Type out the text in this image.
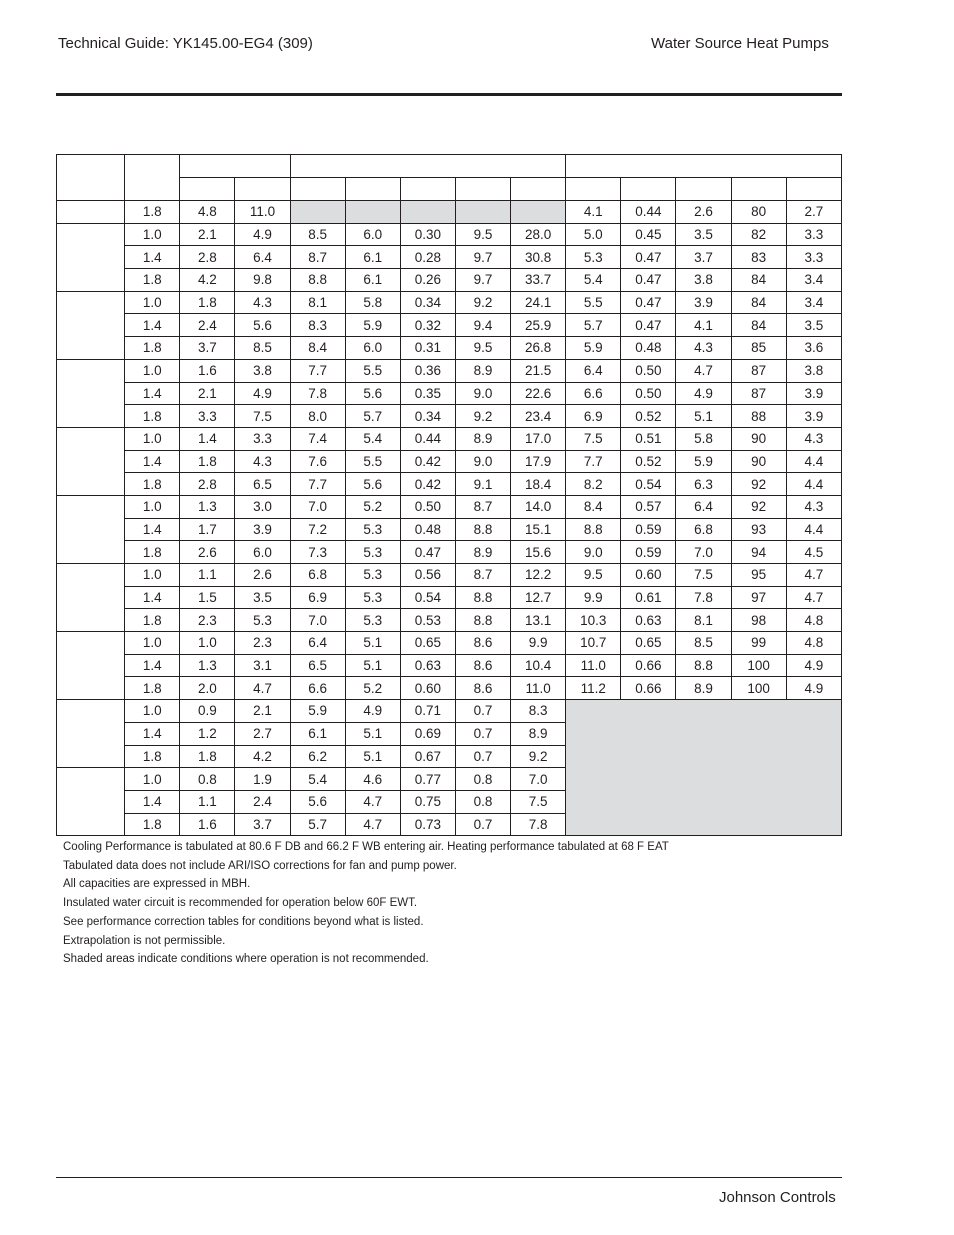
Technical Guide: YK145.00-EG4 (309)	Water Source Heat Pumps

	1.8	4.8	11.0						4.1	0.44	2.6	80	2.7
	1.0	2.1	4.9	8.5	6.0	0.30	9.5	28.0	5.0	0.45	3.5	82	3.3
	1.4	2.8	6.4	8.7	6.1	0.28	9.7	30.8	5.3	0.47	3.7	83	3.3
	1.8	4.2	9.8	8.8	6.1	0.26	9.7	33.7	5.4	0.47	3.8	84	3.4
	1.0	1.8	4.3	8.1	5.8	0.34	9.2	24.1	5.5	0.47	3.9	84	3.4
	1.4	2.4	5.6	8.3	5.9	0.32	9.4	25.9	5.7	0.47	4.1	84	3.5
	1.8	3.7	8.5	8.4	6.0	0.31	9.5	26.8	5.9	0.48	4.3	85	3.6
	1.0	1.6	3.8	7.7	5.5	0.36	8.9	21.5	6.4	0.50	4.7	87	3.8
	1.4	2.1	4.9	7.8	5.6	0.35	9.0	22.6	6.6	0.50	4.9	87	3.9
	1.8	3.3	7.5	8.0	5.7	0.34	9.2	23.4	6.9	0.52	5.1	88	3.9
	1.0	1.4	3.3	7.4	5.4	0.44	8.9	17.0	7.5	0.51	5.8	90	4.3
	1.4	1.8	4.3	7.6	5.5	0.42	9.0	17.9	7.7	0.52	5.9	90	4.4
	1.8	2.8	6.5	7.7	5.6	0.42	9.1	18.4	8.2	0.54	6.3	92	4.4
	1.0	1.3	3.0	7.0	5.2	0.50	8.7	14.0	8.4	0.57	6.4	92	4.3
	1.4	1.7	3.9	7.2	5.3	0.48	8.8	15.1	8.8	0.59	6.8	93	4.4
	1.8	2.6	6.0	7.3	5.3	0.47	8.9	15.6	9.0	0.59	7.0	94	4.5
	1.0	1.1	2.6	6.8	5.3	0.56	8.7	12.2	9.5	0.60	7.5	95	4.7
	1.4	1.5	3.5	6.9	5.3	0.54	8.8	12.7	9.9	0.61	7.8	97	4.7
	1.8	2.3	5.3	7.0	5.3	0.53	8.8	13.1	10.3	0.63	8.1	98	4.8
	1.0	1.0	2.3	6.4	5.1	0.65	8.6	9.9	10.7	0.65	8.5	99	4.8
	1.4	1.3	3.1	6.5	5.1	0.63	8.6	10.4	11.0	0.66	8.8	100	4.9
	1.8	2.0	4.7	6.6	5.2	0.60	8.6	11.0	11.2	0.66	8.9	100	4.9
	1.0	0.9	2.1	5.9	4.9	0.71	0.7	8.3					
	1.4	1.2	2.7	6.1	5.1	0.69	0.7	8.9					
	1.8	1.8	4.2	6.2	5.1	0.67	0.7	9.2					
	1.0	0.8	1.9	5.4	4.6	0.77	0.8	7.0					
	1.4	1.1	2.4	5.6	4.7	0.75	0.8	7.5					
	1.8	1.6	3.7	5.7	4.7	0.73	0.7	7.8					
Cooling Performance is tabulated at 80.6 F DB and 66.2 F WB entering air. Heating performance tabulated at 68 F EAT
Tabulated data does not include ARI/ISO corrections for fan and pump power.
All capacities are expressed in MBH.
Insulated water circuit is recommended for operation below 60F EWT.
See performance correction tables for conditions beyond what is listed.
Extrapolation is not permissible.
Shaded areas indicate conditions where operation is not recommended.
Johnson Controls
